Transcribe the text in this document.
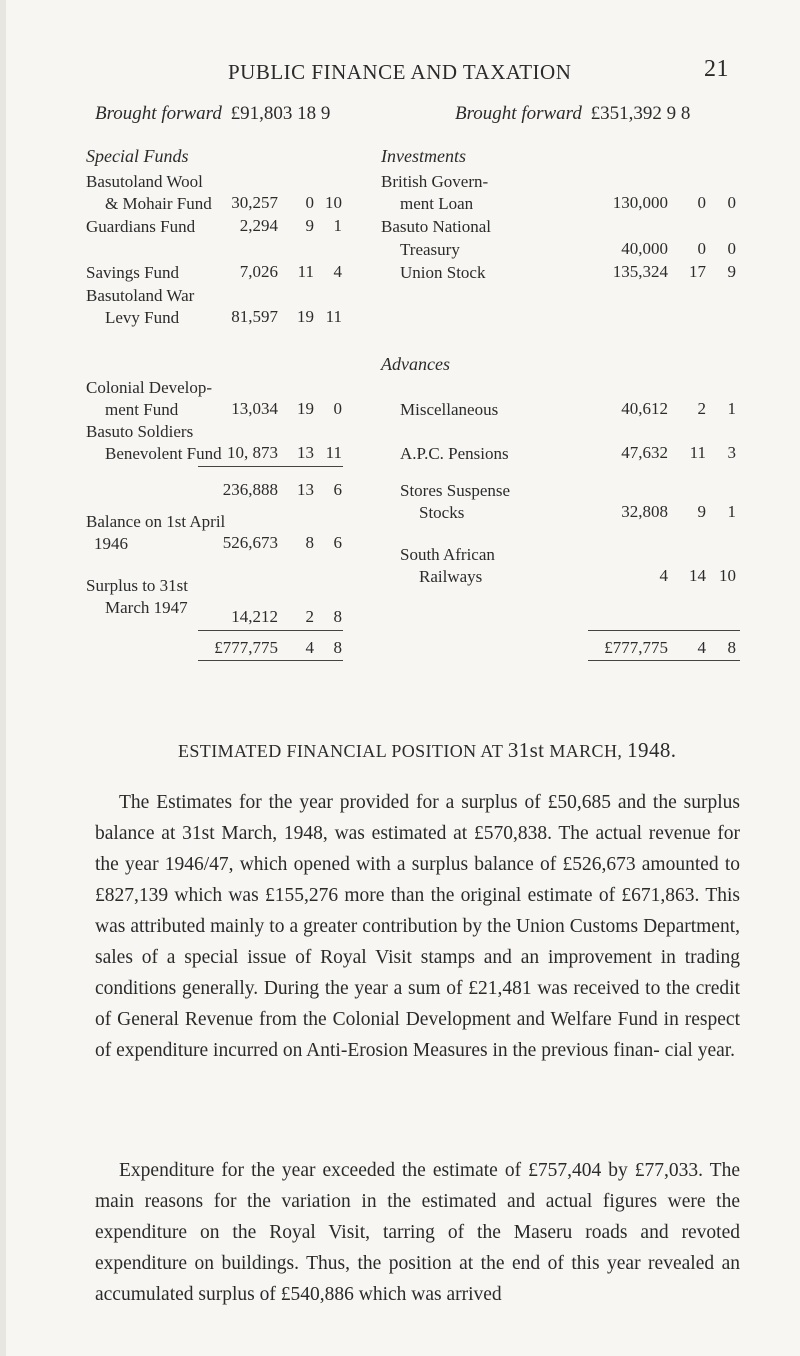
PUBLIC FINANCE AND TAXATION	21
Brought forward £91,803 18 9	Brought forward £351,392 9 8
Special Funds	Investments
Basutoland Wool
& Mohair Fund	30,257	0 10
Guardians Fund	2,294	9	1
Savings Fund	7,026	11	4
Basutoland War
Levy Fund	81,597	19 11
Colonial Develop-
ment Fund	13,034	19	0
Basuto Soldiers
Benevolent Fund 10, 873	13 11
236,888	13	6
Balance on 1st April
1946	526,673	8	6
Surplus to 31st
March 1947	14,212	2	8
£777,775	4	8
British Govern-
ment Loan	130,000	0	0
Basuto National
Treasury	40,000	0	0
Union Stock	135,324	17	9
Advances
Miscellaneous	40,612	2	1
A.P.C. Pensions	47,632	11	3
Stores Suspense
Stocks	32,808	9	1
South African
Railways	4	14 10
£777,775	4	8
ESTIMATED FINANCIAL POSITION AT 31st MARCH, 1948.
The Estimates for the year provided for a surplus of £50,685 and the surplus balance at 31st March, 1948, was estimated at £570,838. The actual revenue for the year 1946/47, which opened with a surplus balance of £526,673 amounted to £827,139 which was £155,276 more than the original estimate of £671,863. This was attributed mainly to a greater contribution by the Union Customs Department, sales of a special issue of Royal Visit stamps and an improvement in trading conditions generally. During the year a sum of £21,481 was received to the credit of General Revenue from the Colonial Development and Welfare Fund in respect of expenditure incurred on Anti-Erosion Measures in the previous finan- cial year.
Expenditure for the year exceeded the estimate of £757,404 by £77,033. The main reasons for the variation in the estimated and actual figures were the expenditure on the Royal Visit, tarring of the Maseru roads and revoted expenditure on buildings. Thus, the position at the end of this year revealed an accumulated surplus of £540,886 which was arrived
